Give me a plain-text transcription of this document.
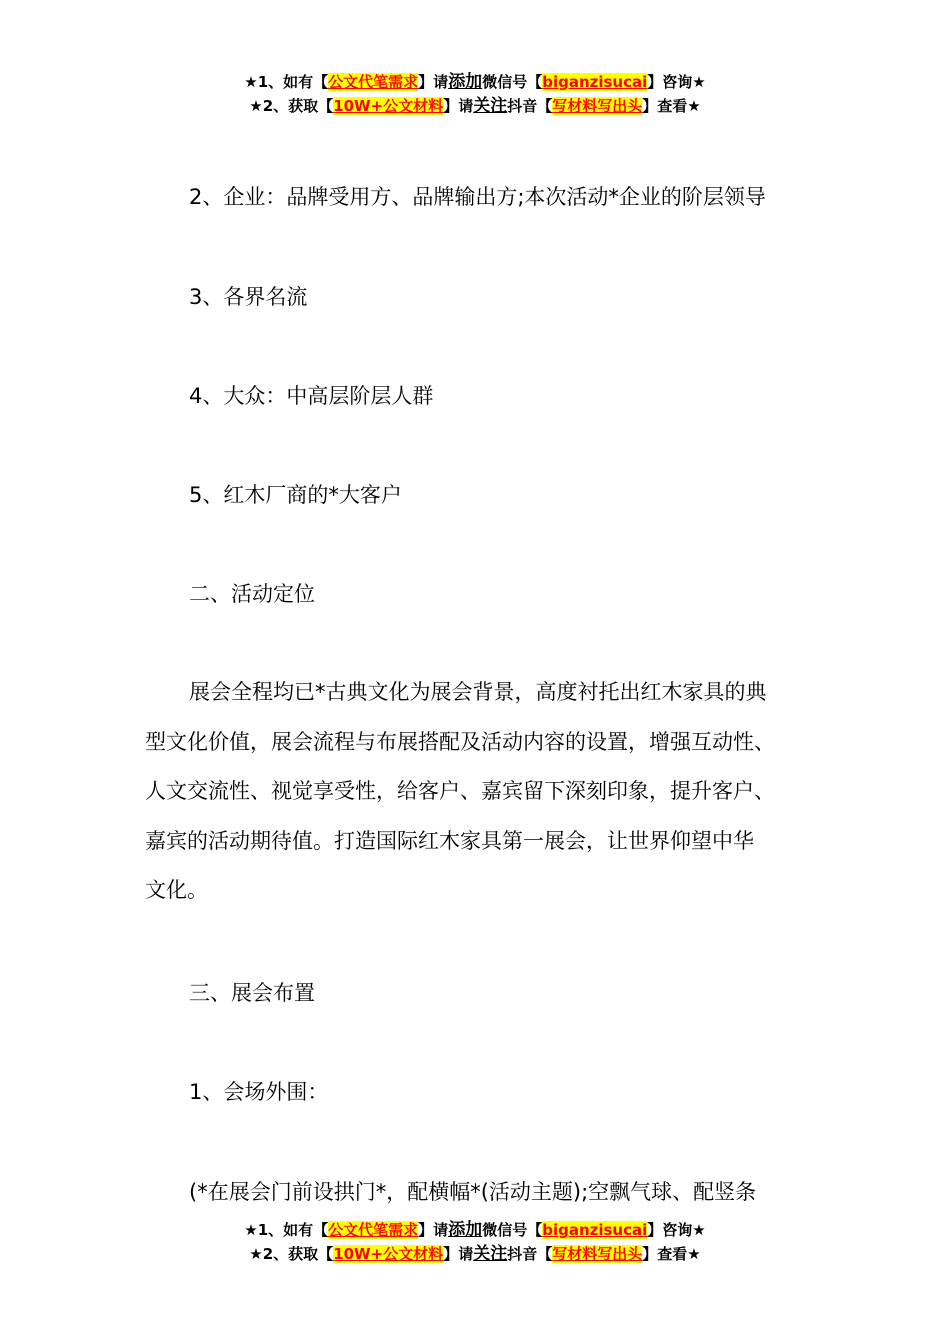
★1、如有【公文代笔需求】请添加微信号【biganzisucai】咨询★
★2、获取【10W+公文材料】请关注抖音【写材料写出头】查看★
2、企业：品牌受用方、品牌输出方;本次活动*企业的阶层领导
3、各界名流
4、大众：中高层阶层人群
5、红木厂商的*大客户
二、活动定位
展会全程均已*古典文化为展会背景，高度衬托出红木家具的典
型文化价值，展会流程与布展搭配及活动内容的设置，增强互动性、
人文交流性、视觉享受性，给客户、嘉宾留下深刻印象，提升客户、
嘉宾的活动期待值。打造国际红木家具第一展会，让世界仰望中华
文化。
三、展会布置
1、会场外围：
(*在展会门前设拱门*，配横幅*(活动主题);空飘气球、配竖条
★1、如有【公文代笔需求】请添加微信号【biganzisucai】咨询★
★2、获取【10W+公文材料】请关注抖音【写材料写出头】查看★
